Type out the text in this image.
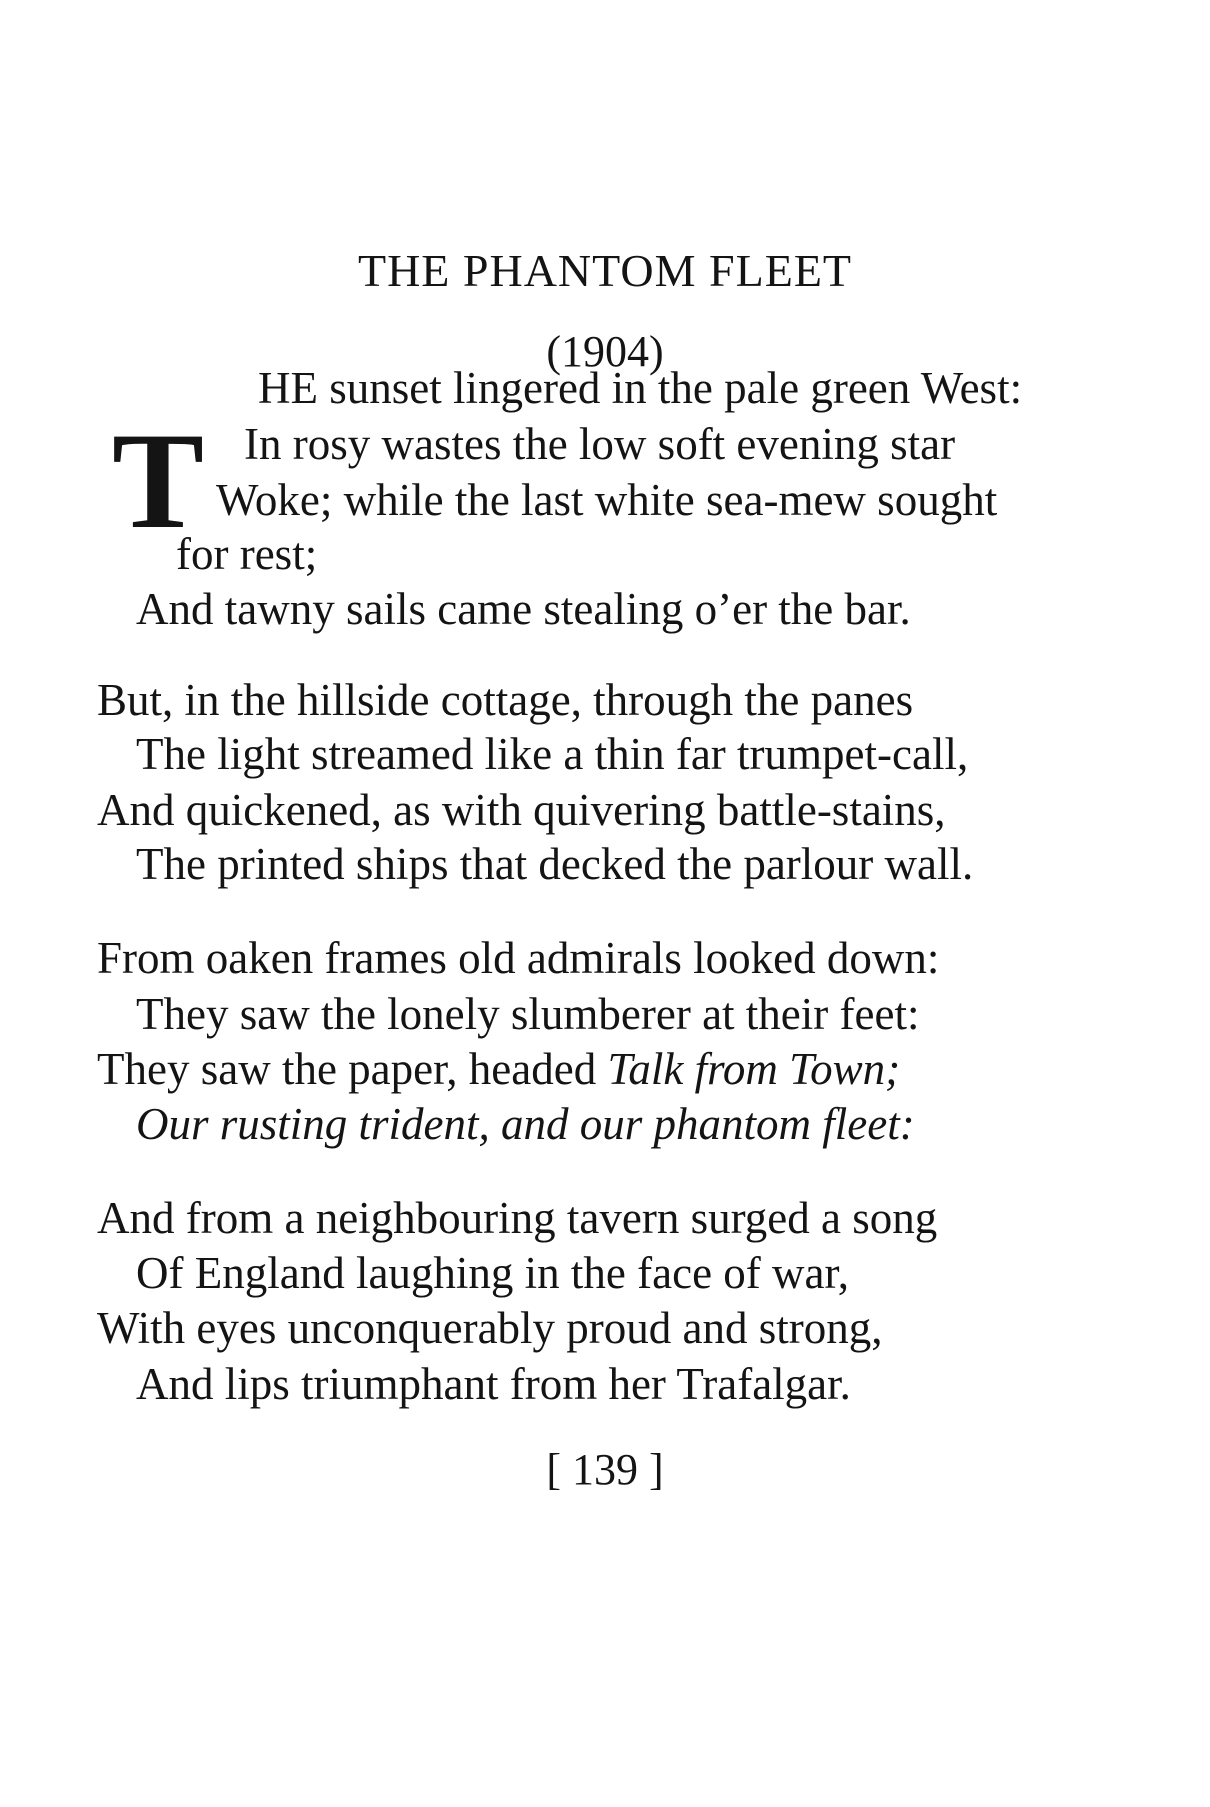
THE PHANTOM FLEET
(1904)
T
HE sunset lingered in the pale green West:
In rosy wastes the low soft evening star
Woke; while the last white sea-mew sought
for rest;
And tawny sails came stealing o’er the bar.
But, in the hillside cottage, through the panes
The light streamed like a thin far trumpet-call,
And quickened, as with quivering battle-stains,
The printed ships that decked the parlour wall.
From oaken frames old admirals looked down:
They saw the lonely slumberer at their feet:
They saw the paper, headed Talk from Town;
Our rusting trident, and our phantom fleet:
And from a neighbouring tavern surged a song
Of England laughing in the face of war,
With eyes unconquerably proud and strong,
And lips triumphant from her Trafalgar.
[ 139 ]
